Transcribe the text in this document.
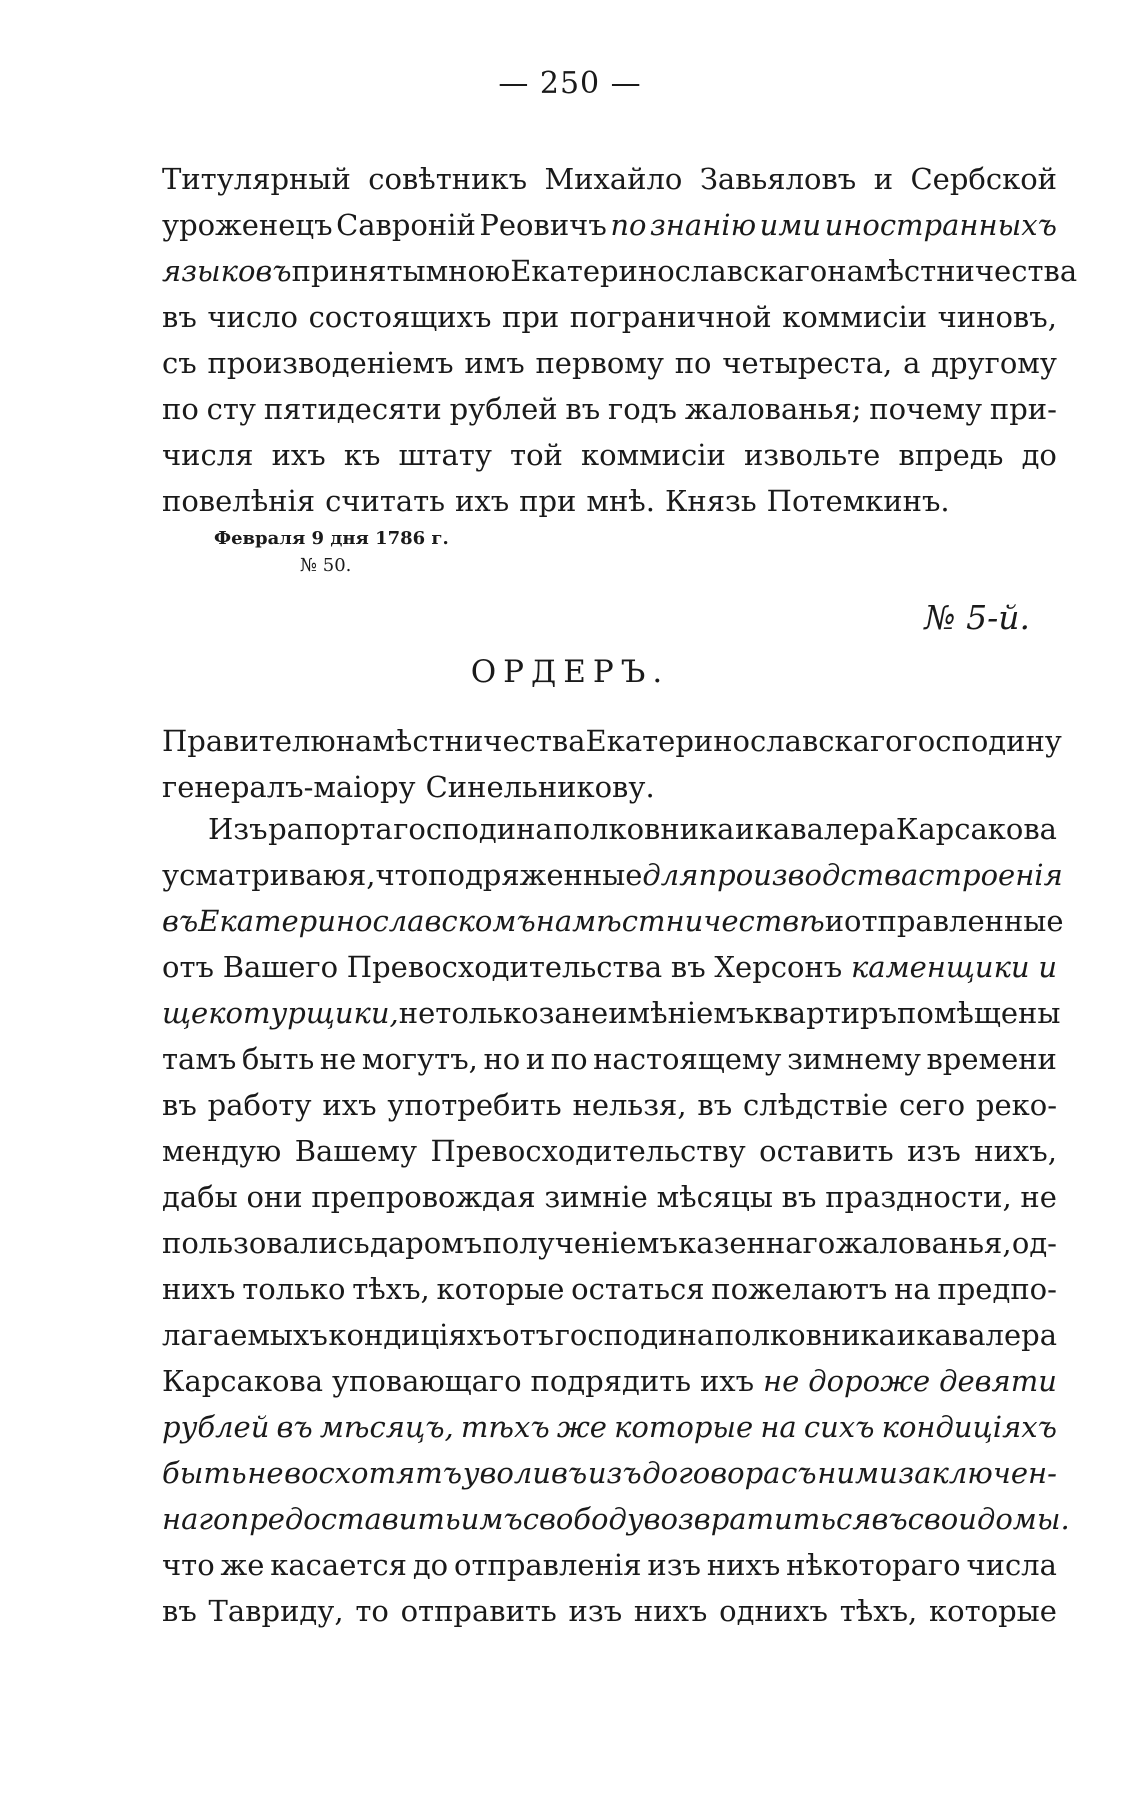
— 250 —
Титулярный совѣтникъ Михайло Завьяловъ и Сербской
урожeнецъ Савроній Реовичъ по знанію ими иностранныхъ
языковъ приняты мною Екатеринославскаго намѣстничества
въ число состоящихъ при пограничной коммисіи чиновъ,
съ производеніемъ имъ первому по четыреста, а другому
по сту пятидесяти рублей въ годъ жалованья; почему при-
числя ихъ къ штату той коммисіи извольте впредь до
повелѣнія считать ихъ при мнѣ. Князь Потемкинъ.
Февраля 9 дня 1786 г.
№ 50.
№ 5-й.
ОРДЕРЪ.
Правителю намѣстничества Екатеринославскаго господину
генералъ-маіору Синельникову.
Изъ рапорта господина полковника и кавалера Карсакова
усматриваю я, что подряженные для производства строенія
въ Екатеринославскомъ намѣстничествѣ и отправленные
отъ Вашего Превосходительства въ Херсонъ каменщики и
щекотурщики, не только за неимѣніемъ квартиръ помѣщены
тамъ быть не могутъ, но и по настоящему зимнему времени
въ работу ихъ употребить нельзя, въ слѣдствіе сего реко-
мендую Вашему Превосходительству оставить изъ нихъ,
дабы они препровождая зимніе мѣсяцы въ праздности, не
пользовались даромъ полученіемъ казеннаго жалованья, од-
нихъ только тѣхъ, которые остаться пожелаютъ на предпо-
лагаемыхъ кондиціяхъ отъ господина полковника и кавалера
Карсакова уповающаго подрядить ихъ не дороже девяти
рублей въ мѣсяцъ, тѣхъ же которые на сихъ кондиціяхъ
быть не восхотятъ уволивъ изъ договора съ ними заключен-
наго предоставить имъ свободу возвратиться въ свои домы.
что же касается до отправленія изъ нихъ нѣкотораго числа
въ Тавриду, то отправить изъ нихъ однихъ тѣхъ, которые
